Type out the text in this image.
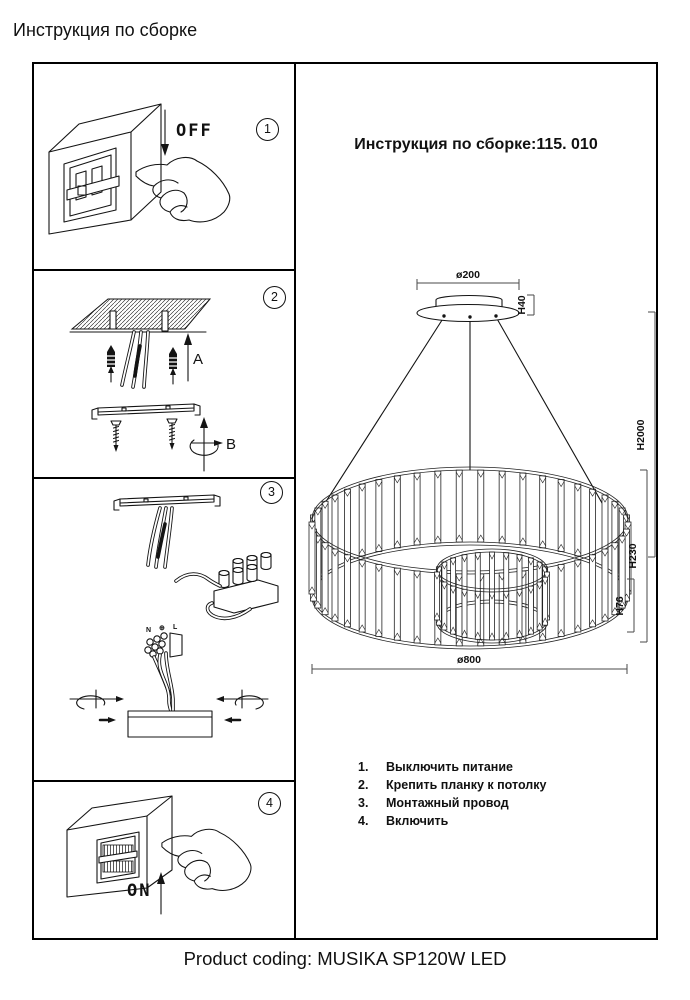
Инструкция по сборке
OFF	1
A
B
2
N ⊕ L
3
ON
4
Инструкция по сборке:115. 010
ø200
H40
H2000
H230
H76
ø800
1.	Выключить питание
2.	Крепить планку к потолку
3.	Монтажный провод
4.	Включить
Product coding: MUSIKA SP120W LED
